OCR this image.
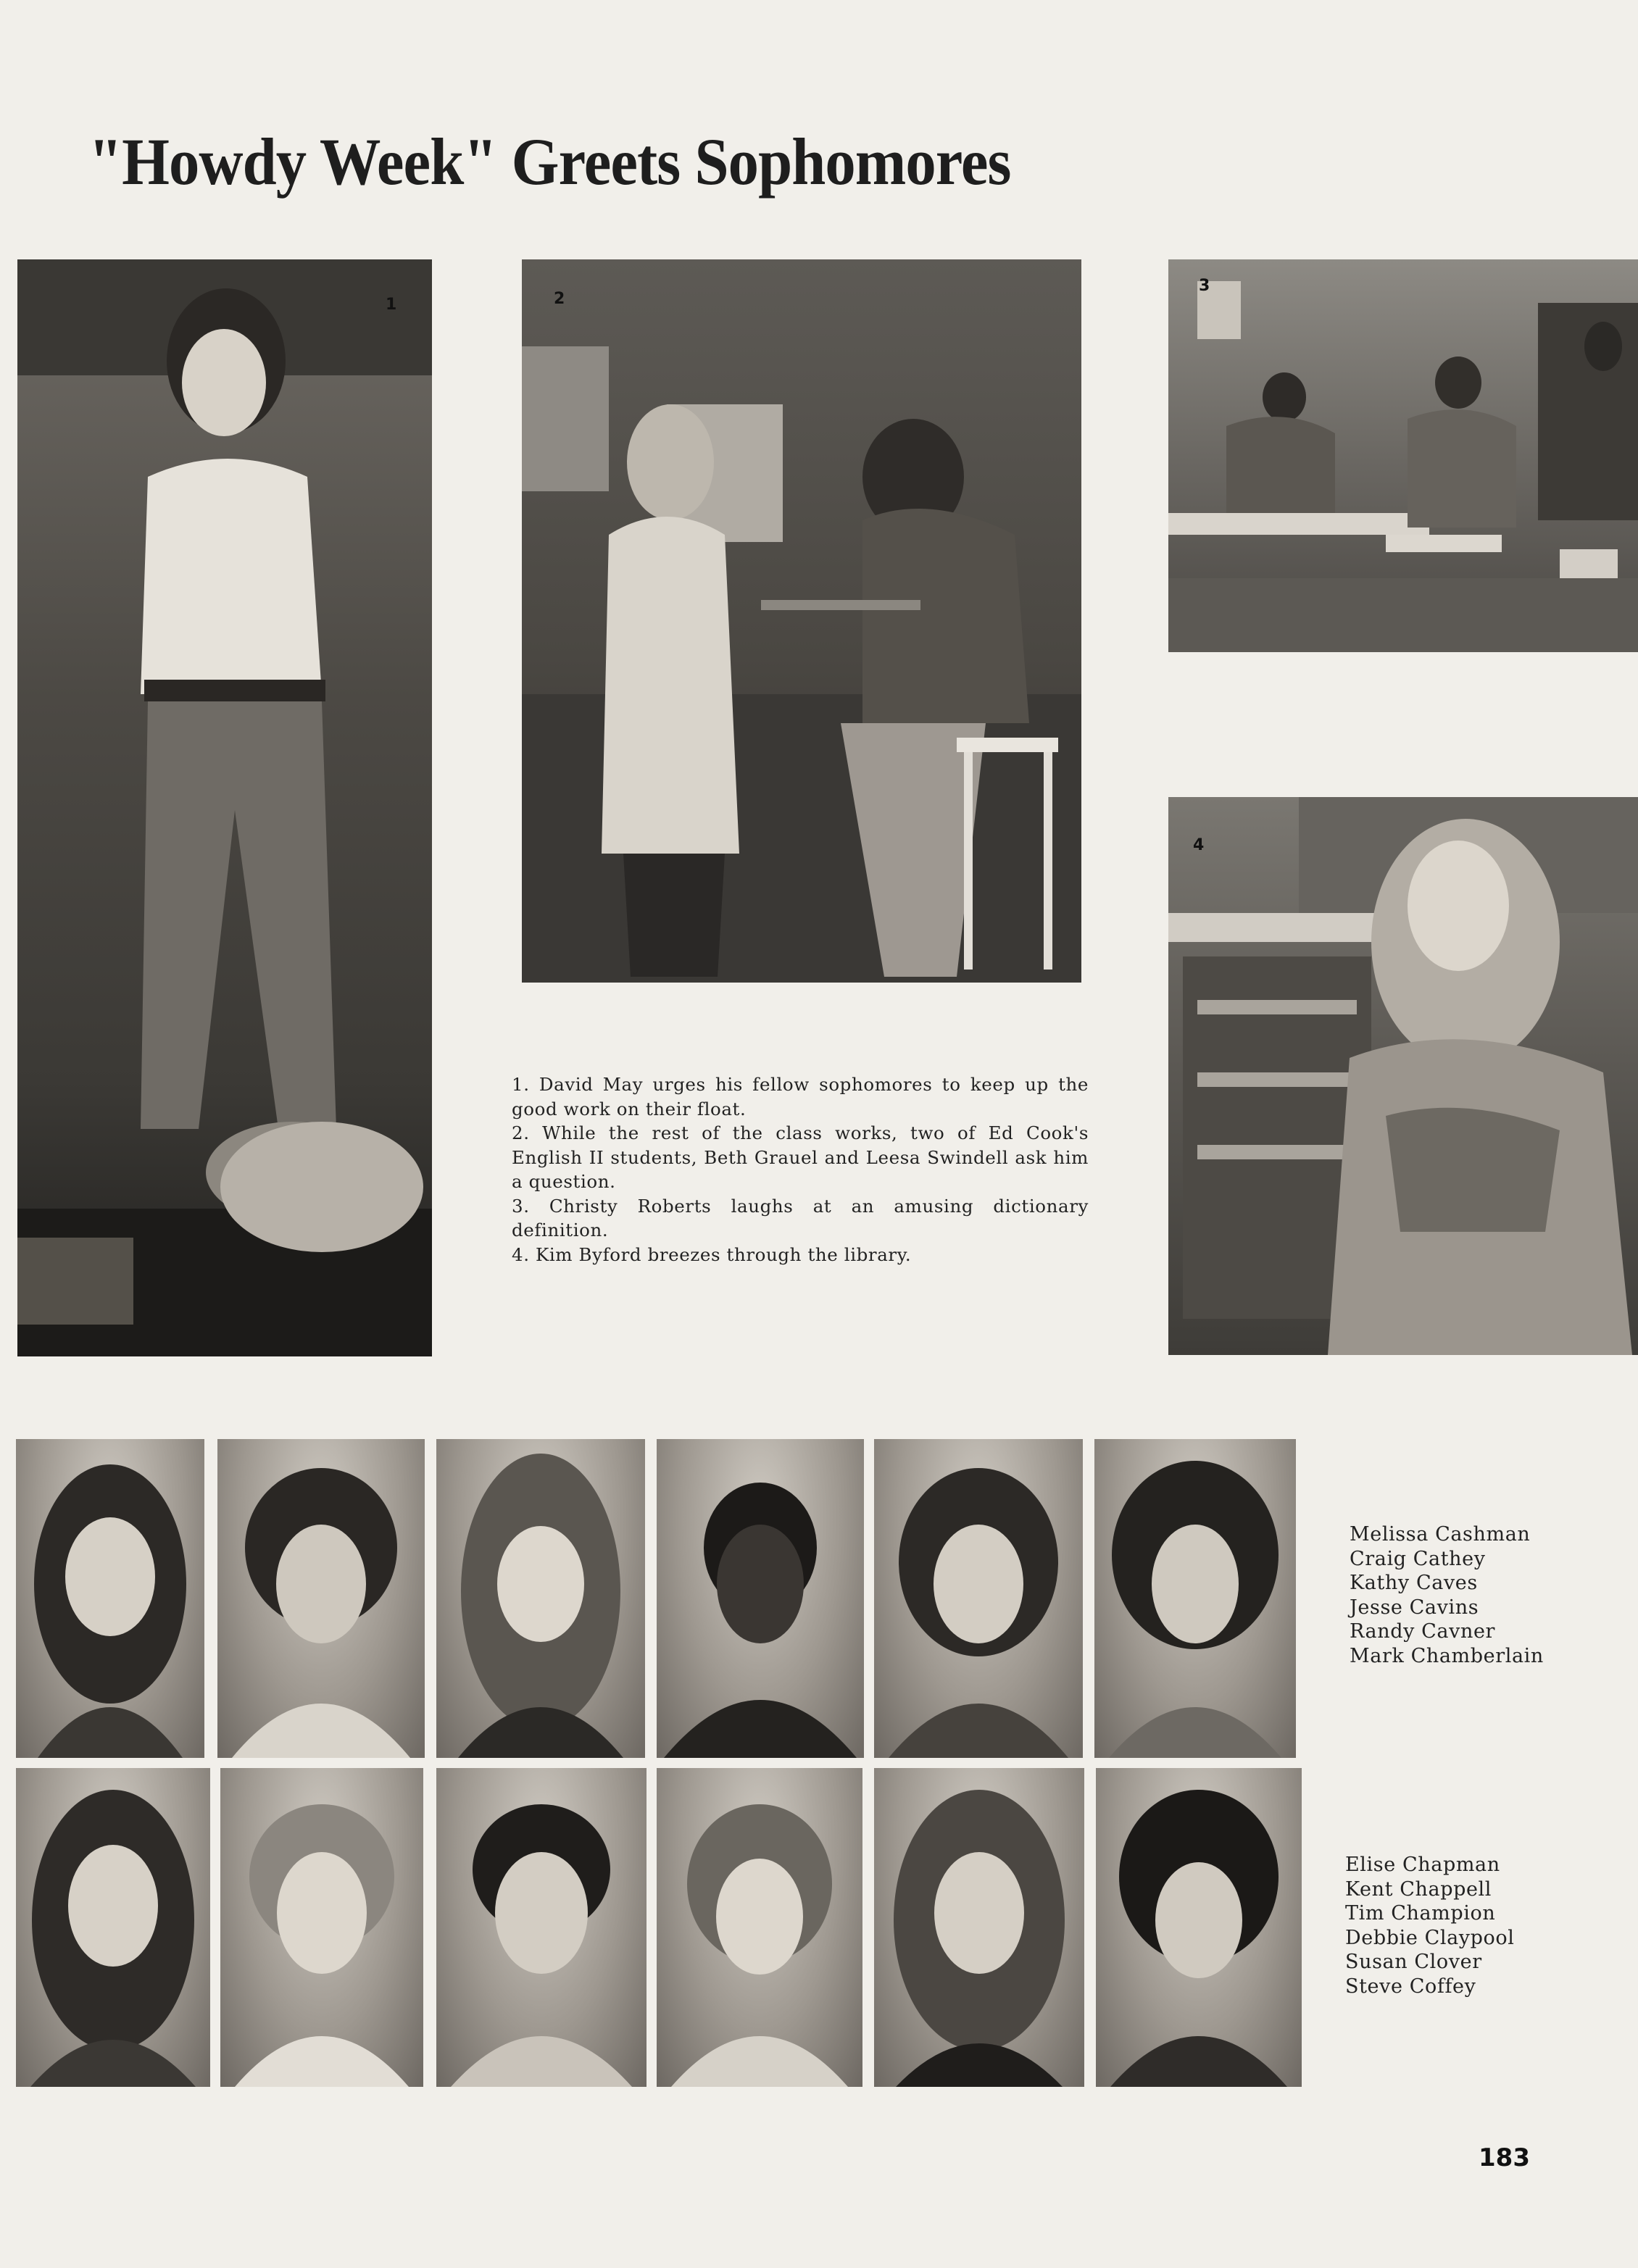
"Howdy Week" Greets Sophomores
1	2
3
4

1. David May urges his fellow sophomores to keep up the good work on their float.

2. While the rest of the class works, two of Ed Cook's English II students, Beth Grauel and Leesa Swindell ask him a question.

3. Christy Roberts laughs at an amusing dictionary definition.

4. Kim Byford breezes through the library.

Melissa Cashman
Craig Cathey
Kathy Caves
Jesse Cavins
Randy Cavner
Mark Chamberlain
Elise Chapman
Kent Chappell
Tim Champion
Debbie Claypool
Susan Clover
Steve Coffey
183
